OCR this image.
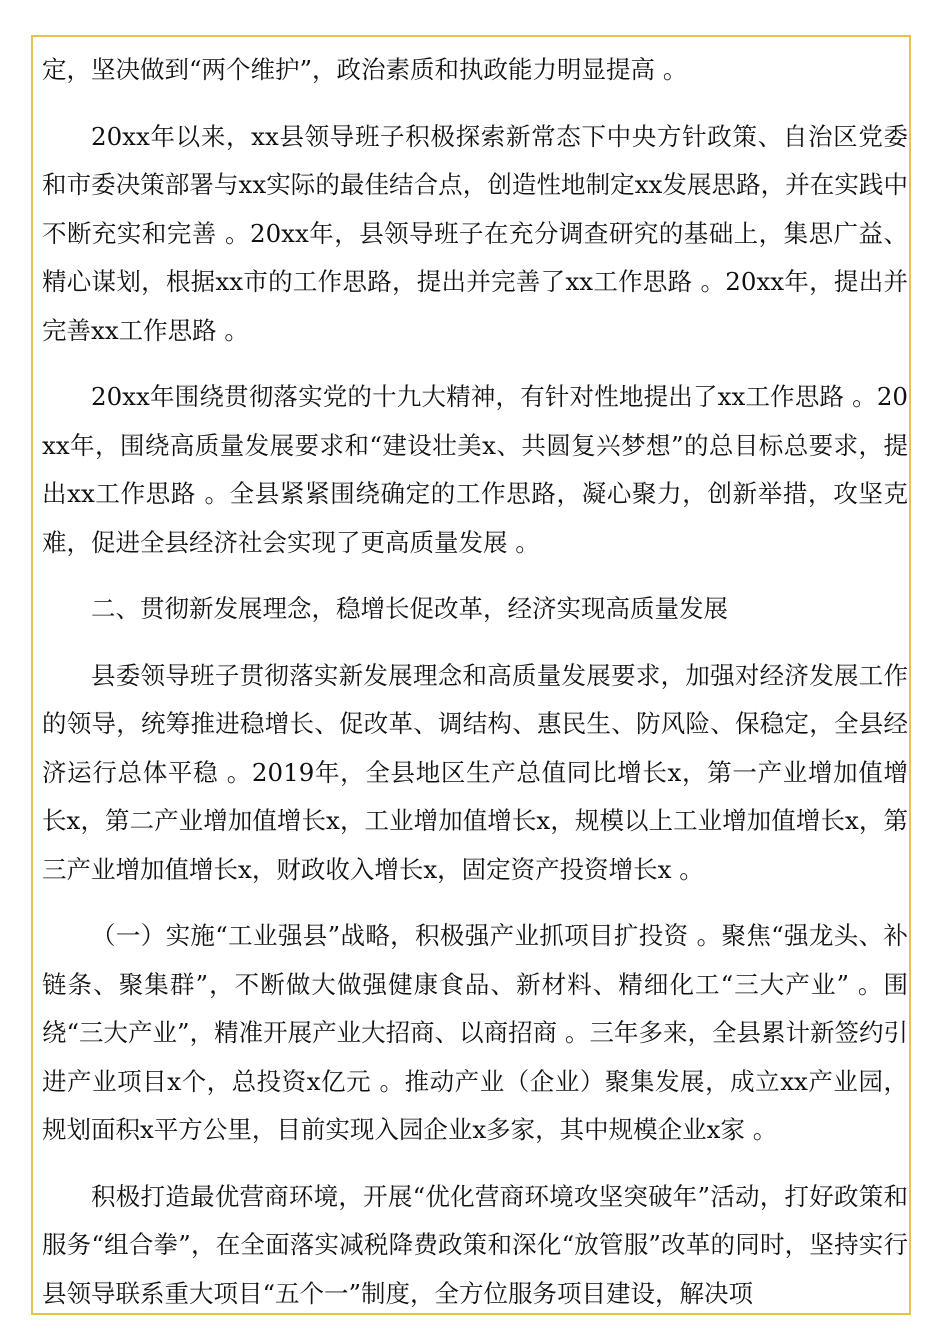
定，坚决做到“两个维护”，政治素质和执政能力明显提高 。

20xx年以来，xx县领导班子积极探索新常态下中央方针政策、自治区党委和市委决策部署与xx实际的最佳结合点，创造性地制定xx发展思路，并在实践中不断充实和完善 。20xx年，县领导班子在充分调查研究的基础上，集思广益、精心谋划，根据xx市的工作思路，提出并完善了xx工作思路 。20xx年，提出并完善xx工作思路 。

20xx年围绕贯彻落实党的十九大精神，有针对性地提出了xx工作思路 。20xx年，围绕高质量发展要求和“建设壮美x、共圆复兴梦想”的总目标总要求，提出xx工作思路 。全县紧紧围绕确定的工作思路，凝心聚力，创新举措，攻坚克难，促进全县经济社会实现了更高质量发展 。

二、贯彻新发展理念，稳增长促改革，经济实现高质量发展

县委领导班子贯彻落实新发展理念和高质量发展要求，加强对经济发展工作的领导，统筹推进稳增长、促改革、调结构、惠民生、防风险、保稳定，全县经济运行总体平稳 。2019年，全县地区生产总值同比增长x，第一产业增加值增长x，第二产业增加值增长x，工业增加值增长x，规模以上工业增加值增长x，第三产业增加值增长x，财政收入增长x，固定资产投资增长x 。

（一）实施“工业强县”战略，积极强产业抓项目扩投资 。聚焦“强龙头、补链条、聚集群”，不断做大做强健康食品、新材料、精细化工“三大产业” 。围绕“三大产业”，精准开展产业大招商、以商招商 。三年多来，全县累计新签约引进产业项目x个，总投资x亿元 。推动产业（企业）聚集发展，成立xx产业园，规划面积x平方公里，目前实现入园企业x多家，其中规模企业x家 。

积极打造最优营商环境，开展“优化营商环境攻坚突破年”活动，打好政策和服务“组合拳”，在全面落实减税降费政策和深化“放管服”改革的同时，坚持实行县领导联系重大项目“五个一”制度，全方位服务项目建设，解决项
